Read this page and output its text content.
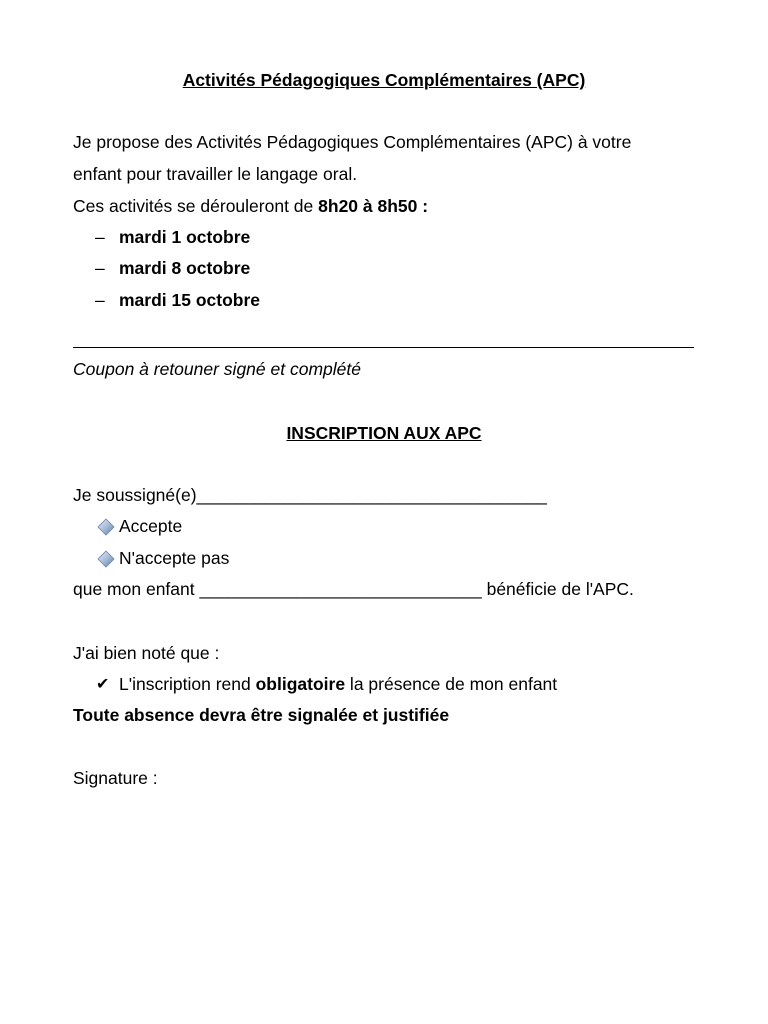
Activités Pédagogiques Complémentaires (APC)
Je propose des Activités Pédagogiques Complémentaires (APC) à votre
enfant pour travailler le langage oral.
Ces activités se dérouleront de 8h20 à 8h50 :
– mardi 1 octobre
– mardi 8 octobre
– mardi 15 octobre
Coupon à retouner signé et complété
INSCRIPTION AUX APC
Je soussigné(e)____________________________________
Accepte
N'accepte pas
que mon enfant _____________________________ bénéficie de l'APC.
J'ai bien noté que :
✔ L'inscription rend obligatoire la présence de mon enfant
Toute absence devra être signalée et justifiée
Signature :
